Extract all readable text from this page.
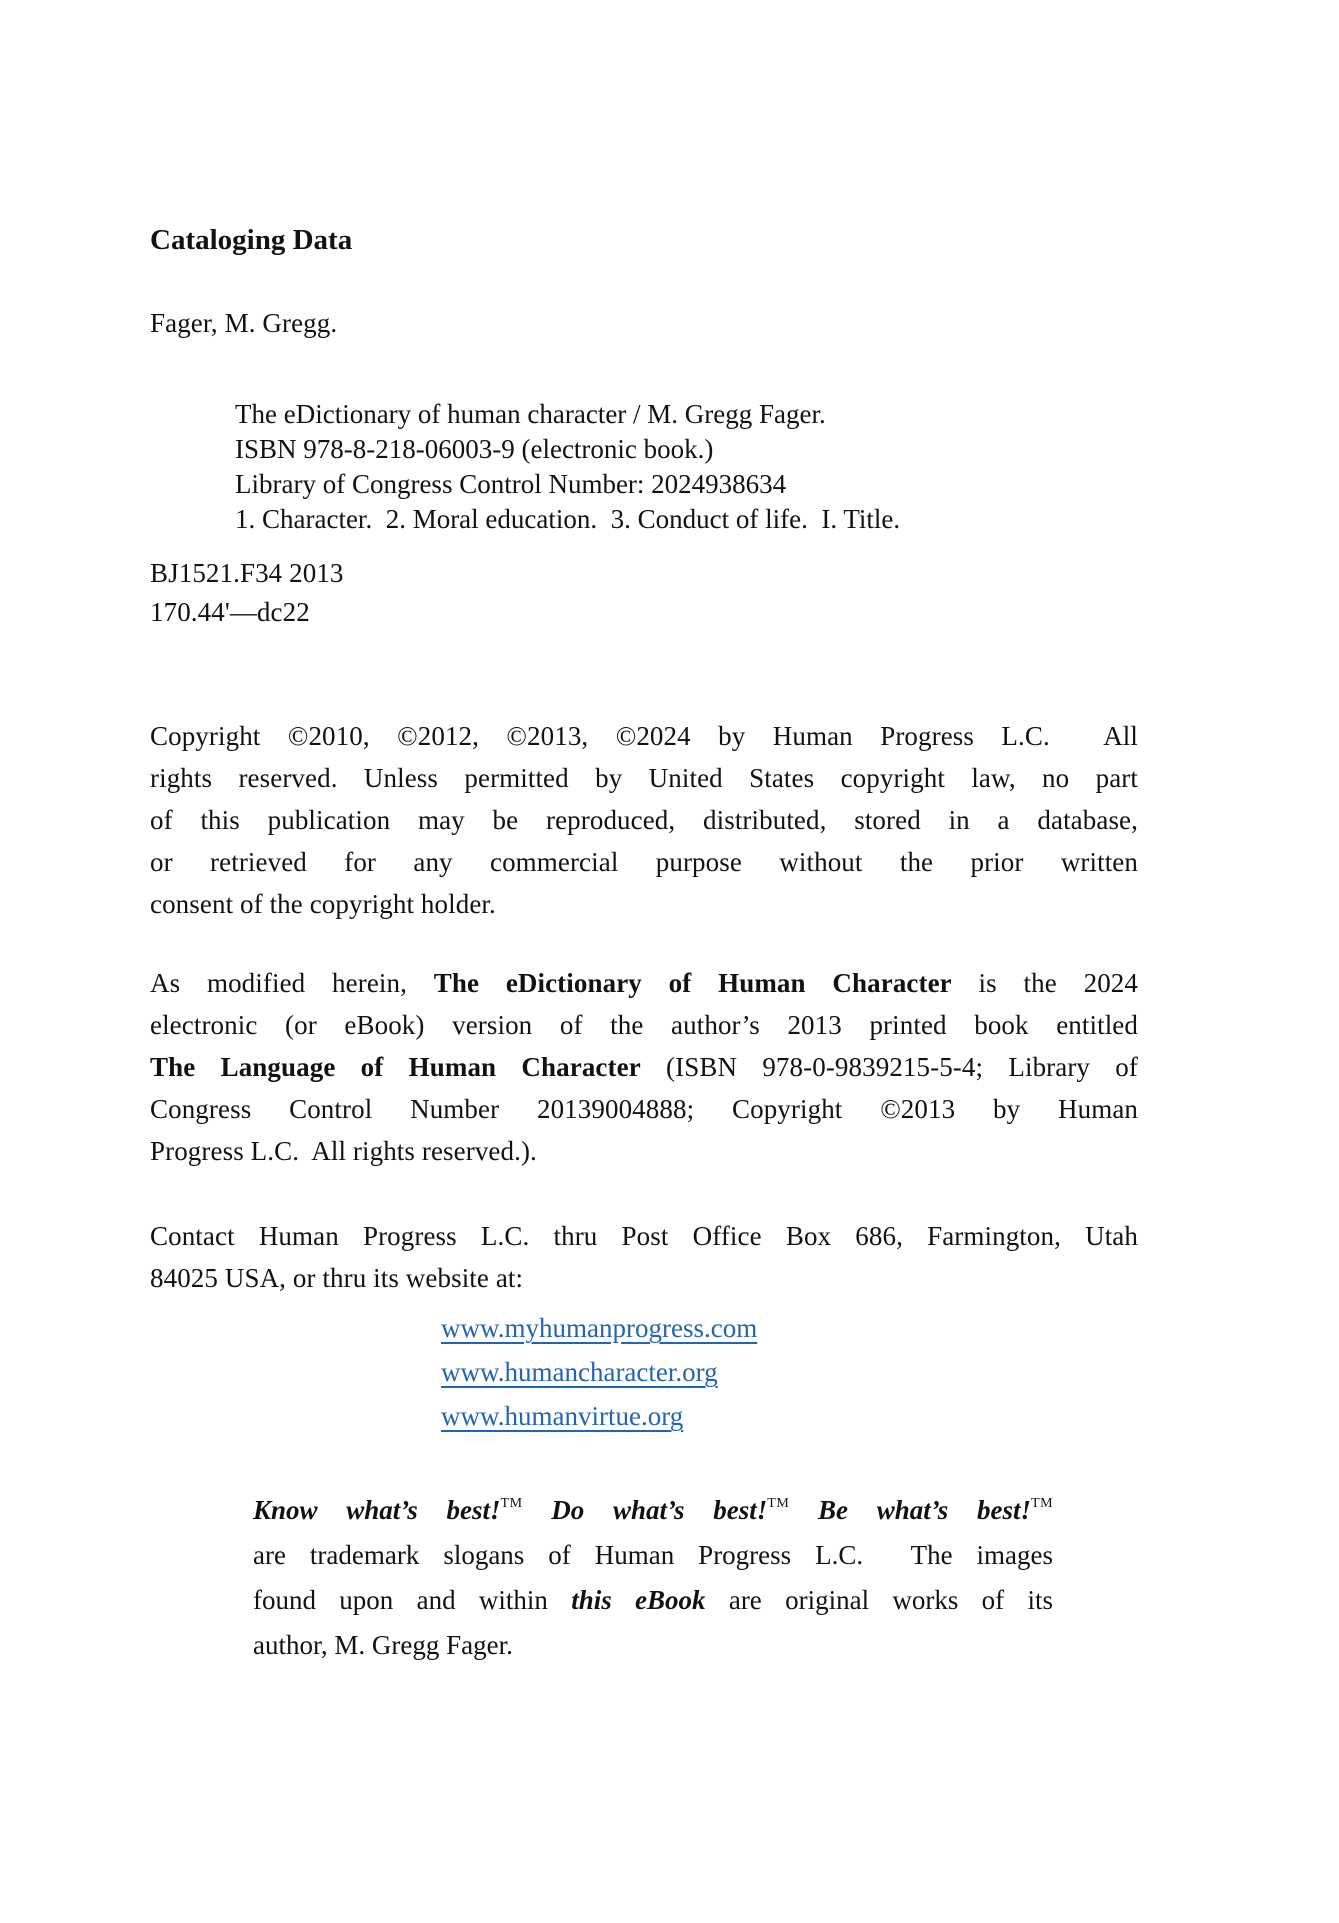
Cataloging Data
Fager, M. Gregg.
The eDictionary of human character / M. Gregg Fager.
ISBN 978-8-218-06003-9 (electronic book.)
Library of Congress Control Number: 2024938634
1. Character.  2. Moral education.  3. Conduct of life.  I. Title.
BJ1521.F34 2013
170.44'—dc22
Copyright ©2010, ©2012, ©2013, ©2024 by Human Progress L.C.  All
rights reserved. Unless permitted by United States copyright law, no part
of this publication may be reproduced, distributed, stored in a database,
or retrieved for any commercial purpose without the prior written
consent of the copyright holder.
As modified herein, The eDictionary of Human Character is the 2024
electronic (or eBook) version of the author’s 2013 printed book entitled
The Language of Human Character (ISBN 978-0-9839215-5-4; Library of
Congress Control Number 20139004888; Copyright ©2013 by Human
Progress L.C.  All rights reserved.).
Contact Human Progress L.C. thru Post Office Box 686, Farmington, Utah
84025 USA, or thru its website at:
www.myhumanprogress.com
www.humancharacter.org
www.humanvirtue.org
Know what’s best!™ Do what’s best!™ Be what’s best!™
are trademark slogans of Human Progress L.C.  The images
found upon and within this eBook are original works of its
author, M. Gregg Fager.
